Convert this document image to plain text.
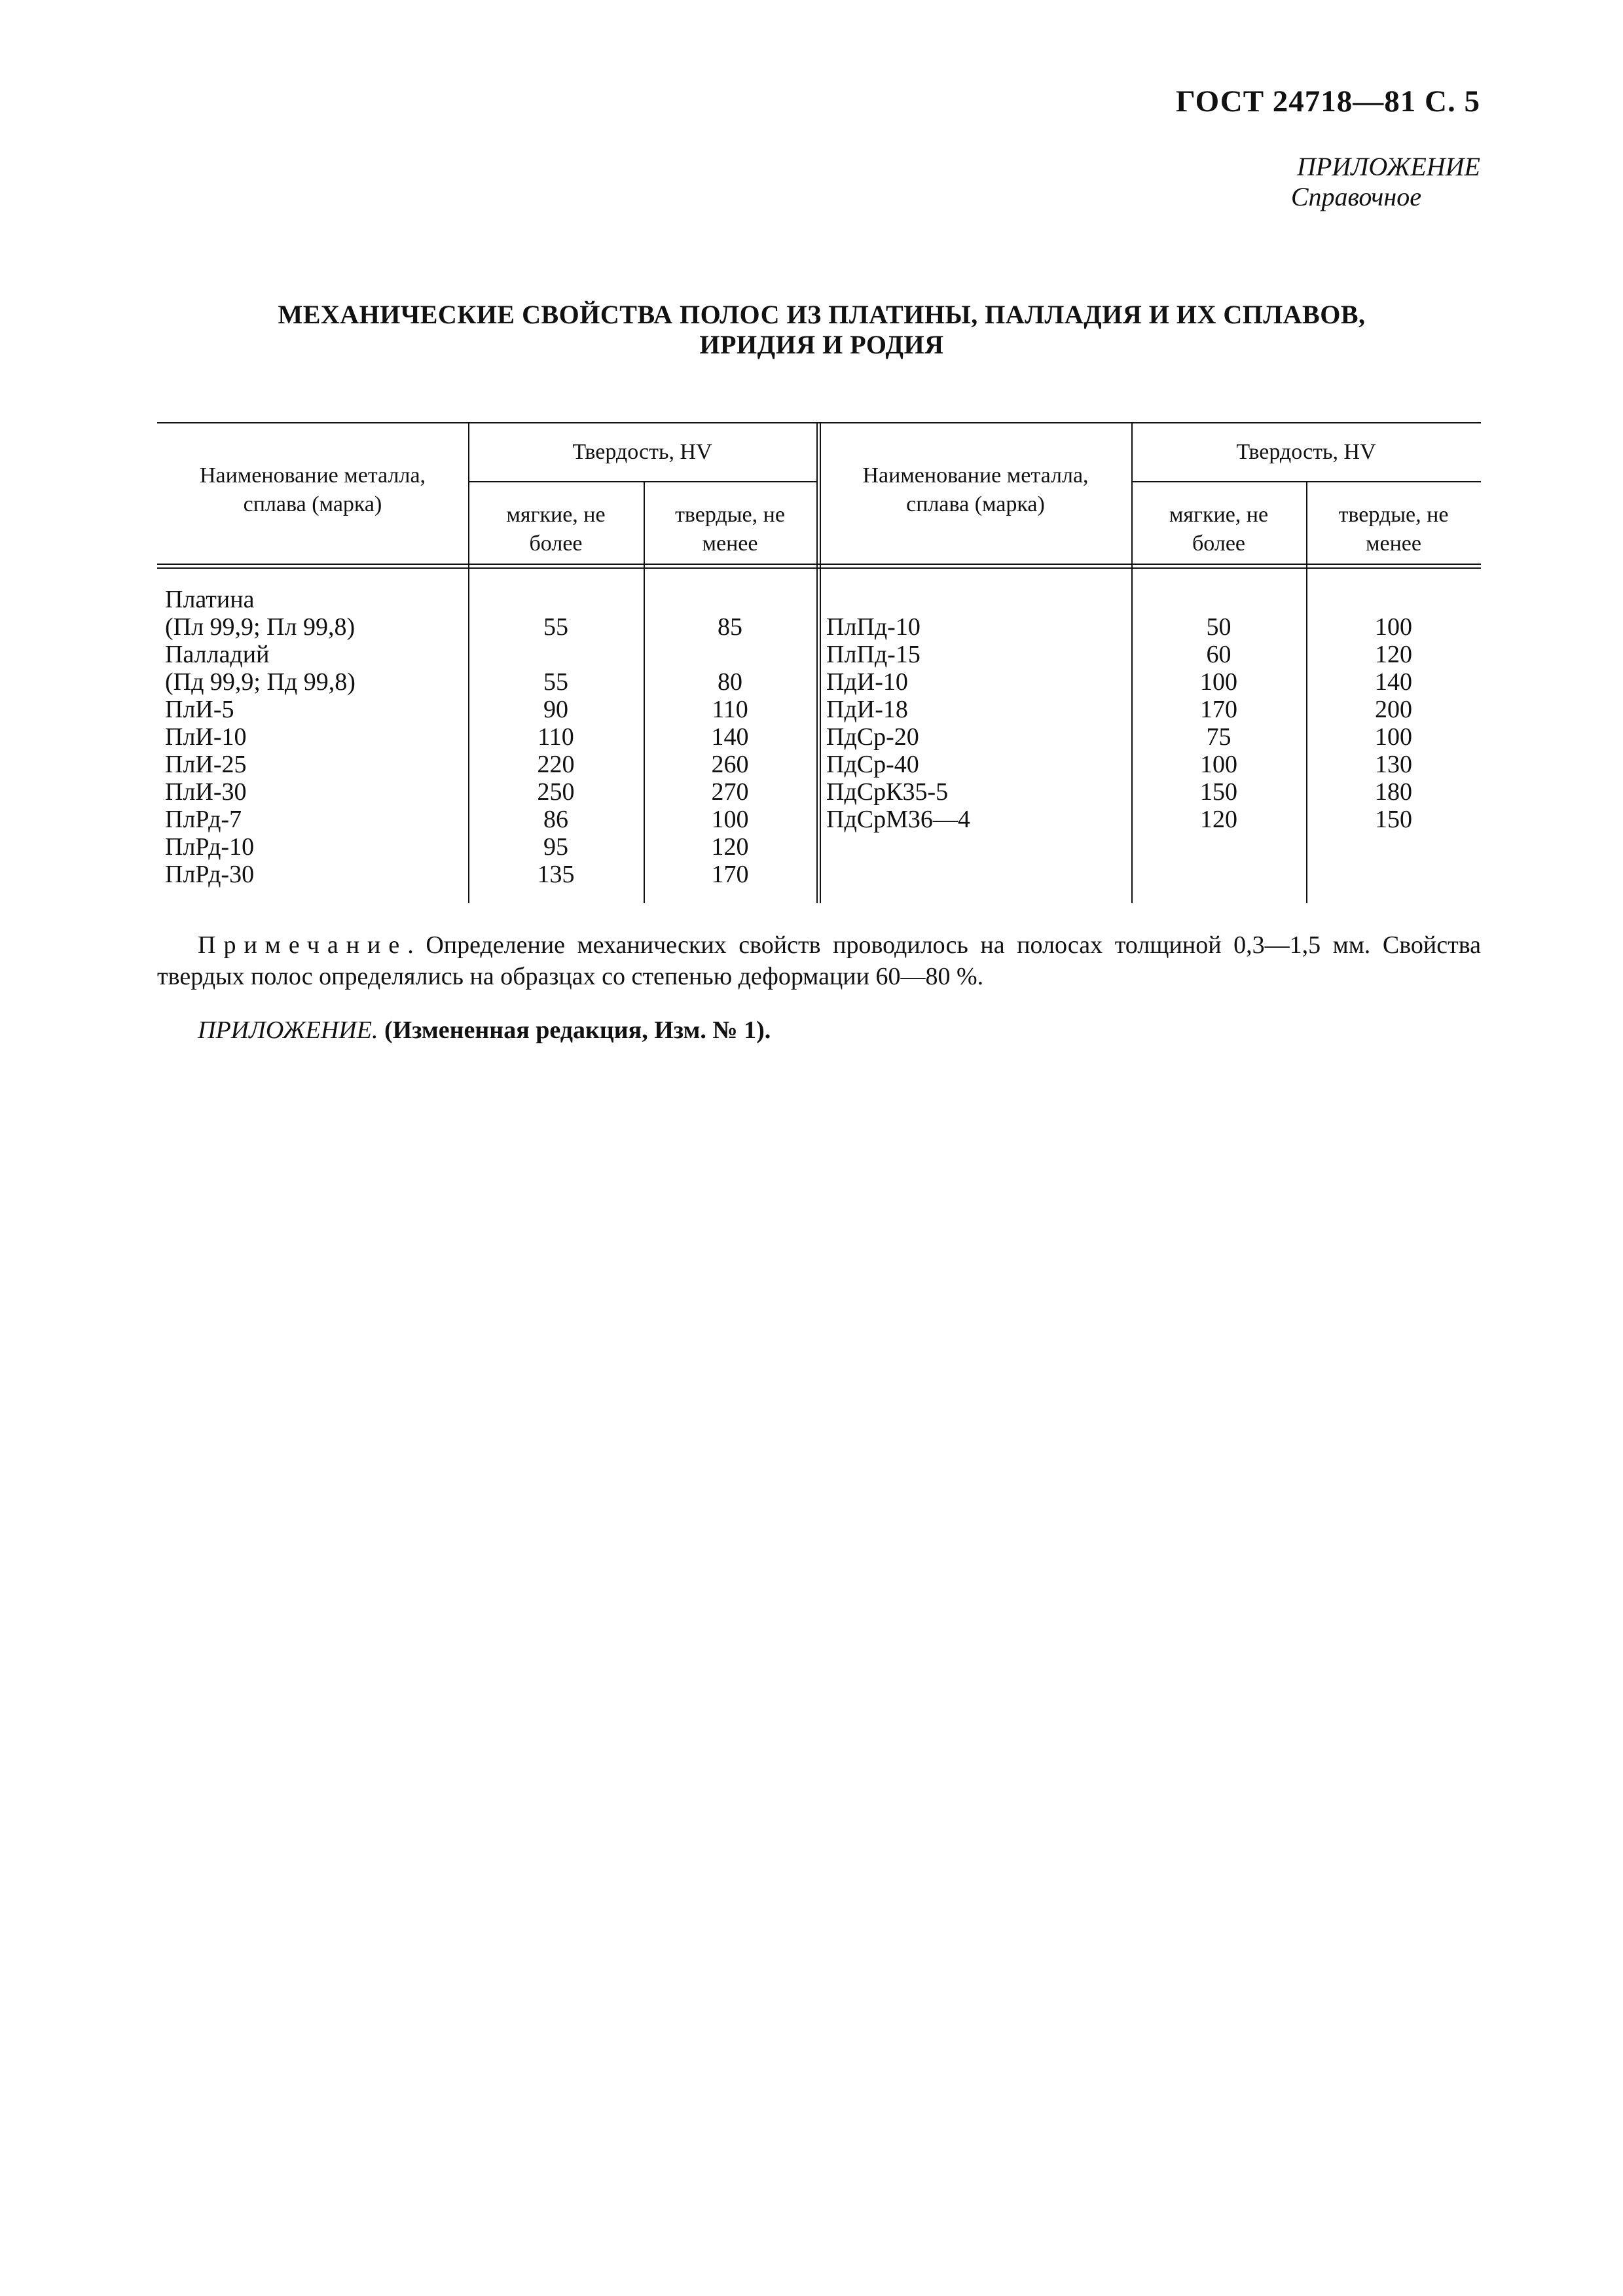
ГОСТ 24718—81 С. 5
ПРИЛОЖЕНИЕ
Справочное
МЕХАНИЧЕСКИЕ СВОЙСТВА ПОЛОС ИЗ ПЛАТИНЫ, ПАЛЛАДИЯ И ИХ СПЛАВОВ,
ИРИДИЯ И РОДИЯ
Наименование металла,
сплава (марка)
Твердость, HV
мягкие, не
более
твердые, не
менее
Наименование металла,
сплава (марка)
Твердость, HV
мягкие, не
более
твердые, не
менее
Платина
(Пл 99,9; Пл 99,8)
Палладий
(Пд 99,9; Пд 99,8)
ПлИ-5
ПлИ-10
ПлИ-25
ПлИ-30
ПлРд-7
ПлРд-10
ПлРд-30
55
55
90
110
220
250
86
95
135
85
80
110
140
260
270
100
120
170
ПлПд-10
ПлПд-15
ПдИ-10
ПдИ-18
ПдСр-20
ПдСр-40
ПдСрК35-5
ПдСрМ36—4
50
60
100
170
75
100
150
120
100
120
140
200
100
130
180
150
Примечание. Определение механических свойств проводилось на полосах толщиной 0,3—1,5 мм. Свойства твердых полос определялись на образцах со степенью деформации 60—80 %.
ПРИЛОЖЕНИЕ. (Измененная редакция, Изм. № 1).
